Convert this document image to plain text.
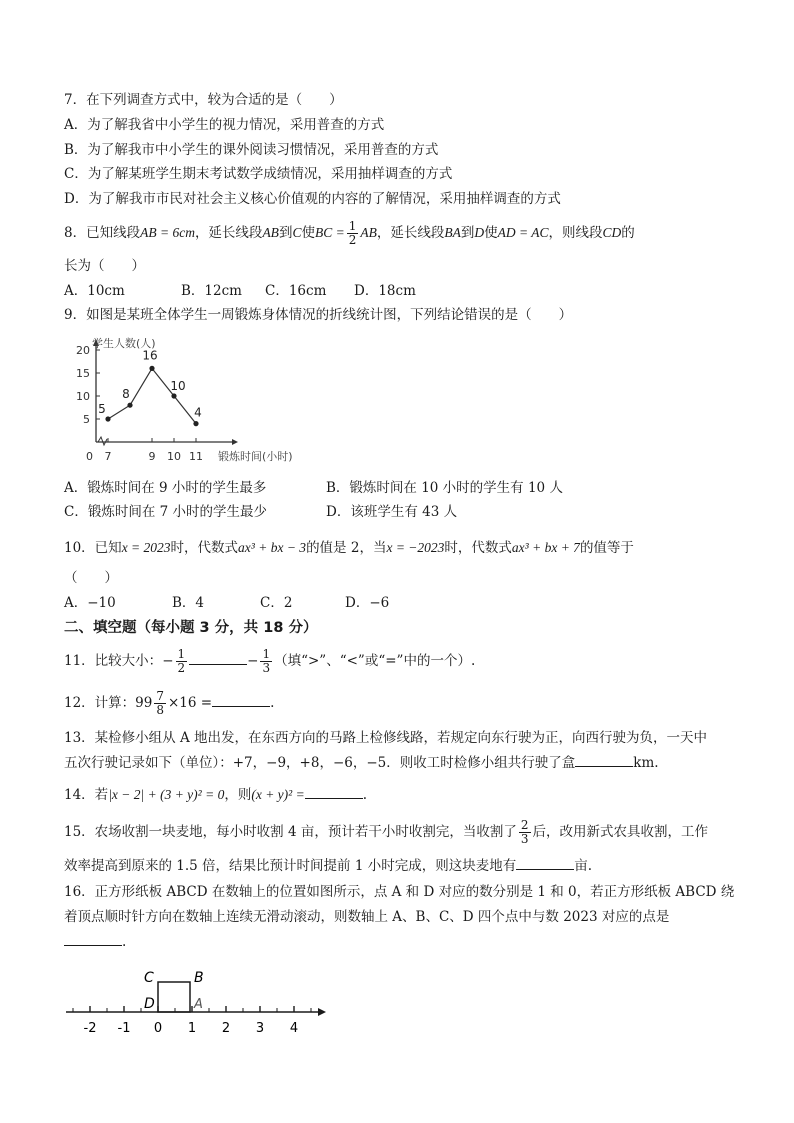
7．在下列调查方式中，较为合适的是（　　）
A．为了解我省中小学生的视力情况，采用普查的方式
B．为了解我市中小学生的课外阅读习惯情况，采用普查的方式
C．为了解某班学生期末考试数学成绩情况，采用抽样调查的方式
D．为了解我市市民对社会主义核心价值观的内容的了解情况，采用抽样调查的方式
8．已知线段AB = 6cm，延长线段AB到C使BC = $\frac{1}{2}$ AB，延长线段BA到D使AD = AC，则线段CD的
长为（　　）
A．10cm	B．12cm C．16cm D．18cm
9．如图是某班全体学生一周锻炼身体情况的折线统计图，下列结论错误的是（　　）
5
10
15
20
0 7	9 10 11
学生人数(人)
锻炼时间(小时)
5
8
16
10
4
A．锻炼时间在 9 小时的学生最多	B．锻炼时间在 10 小时的学生有 10 人
C．锻炼时间在 7 小时的学生最少	D．该班学生有 43 人
10．已知x = 2023时，代数式ax³ + bx − 3的值是 2，当x = −2023时，代数式ax³ + bx + 7的值等于
（　　）
A．−10	B．4	C．2	D．−6
二、填空题（每小题 3 分，共 18 分）
11．比较大小：− $\frac{1}{2}$	− $\frac{1}{3}$ （填“>”、“<”或“=”中的一个）.
12．计算：$99 \frac{7}{8} \times 16$ =	.
13．某检修小组从 A 地出发，在东西方向的马路上检修线路，若规定向东行驶为正，向西行驶为负，一天中
五次行驶记录如下（单位）：+7，−9，+8，−6，−5．则收工时检修小组共行驶了盒	km.
14．若|x − 2| + (3 + y)² = 0，则(x + y)² =	.
15．农场收割一块麦地，每小时收割 4 亩，预计若干小时收割完，当收割了 $\frac{2}{3}$ 后，改用新式农具收割，工作
效率提高到原来的 1.5 倍，结果比预计时间提前 1 小时完成，则这块麦地有	亩.
16．正方形纸板 ABCD 在数轴上的位置如图所示，点 A 和 D 对应的数分别是 1 和 0，若正方形纸板 ABCD 绕
着顶点顺时针方向在数轴上连续无滑动滚动，则数轴上 A、B、C、D 四个点中与数 2023 对应的点是
.
C	B
D	A
-2 -1 0 1 2 3 4
